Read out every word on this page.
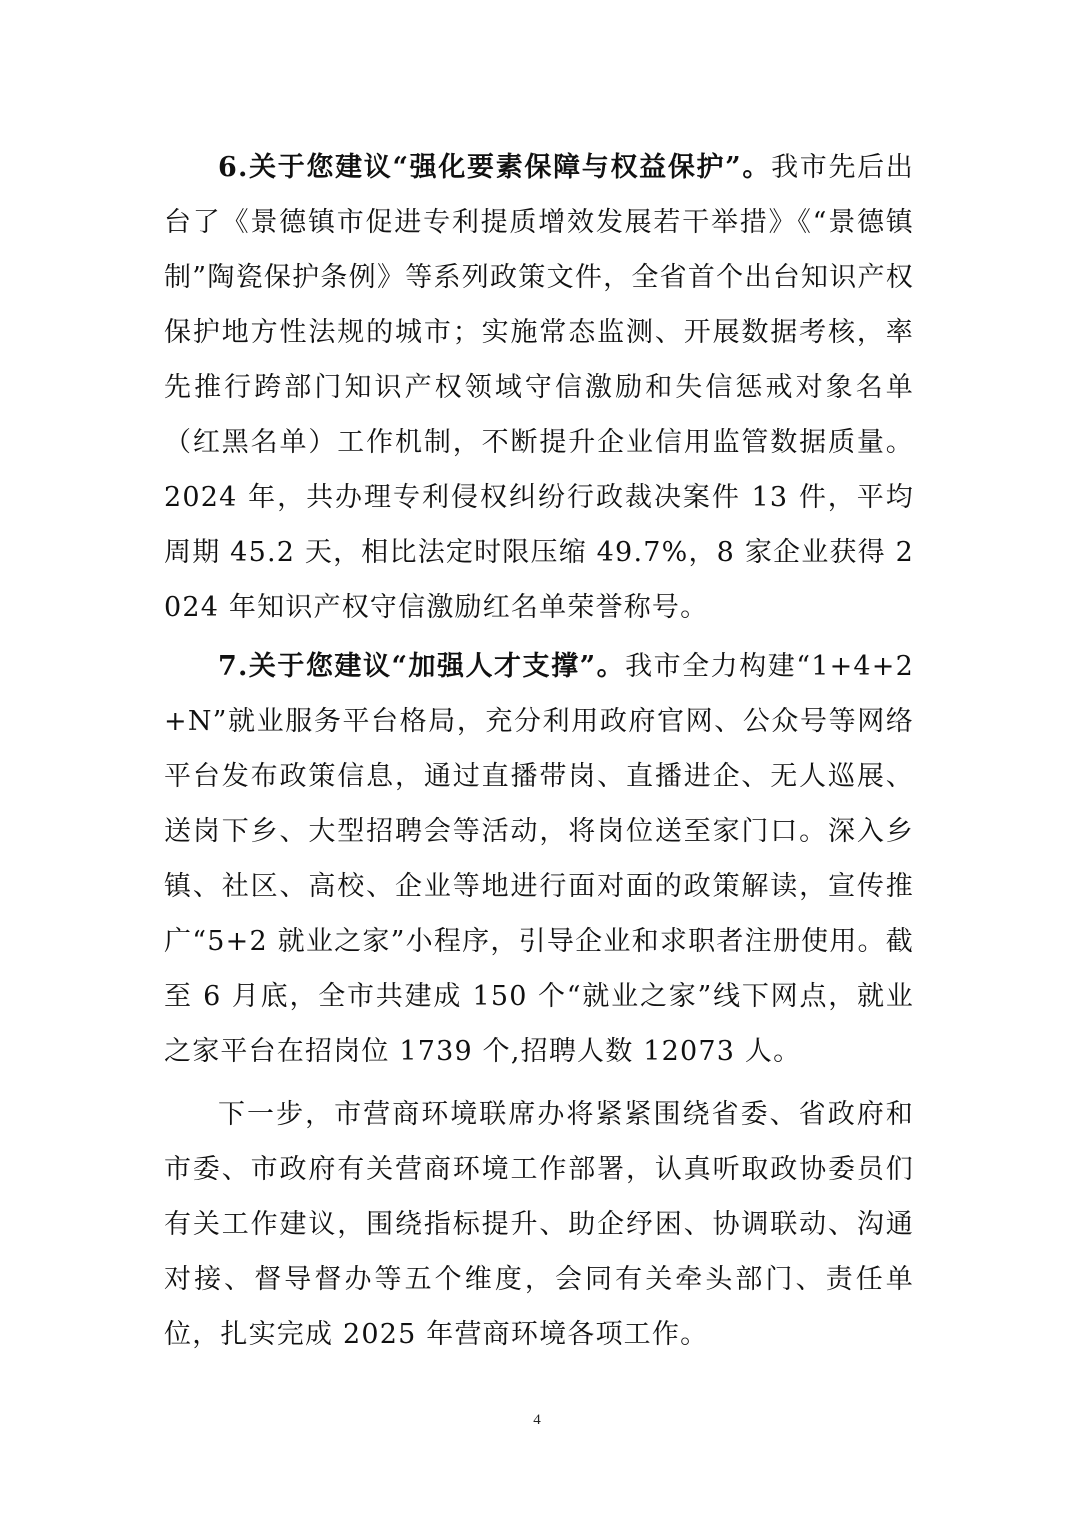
6.关于您建议“强化要素保障与权益保护”。我市先后出台了《景德镇市促进专利提质增效发展若干举措》《“景德镇制”陶瓷保护条例》等系列政策文件，全省首个出台知识产权保护地方性法规的城市；实施常态监测、开展数据考核，率先推行跨部门知识产权领域守信激励和失信惩戒对象名单（红黑名单）工作机制，不断提升企业信用监管数据质量。2024 年，共办理专利侵权纠纷行政裁决案件 13 件，平均周期 45.2 天，相比法定时限压缩 49.7%，8 家企业获得 2024 年知识产权守信激励红名单荣誉称号。

7.关于您建议“加强人才支撑”。我市全力构建“1+4+2+N”就业服务平台格局，充分利用政府官网、公众号等网络平台发布政策信息，通过直播带岗、直播进企、无人巡展、送岗下乡、大型招聘会等活动，将岗位送至家门口。深入乡镇、社区、高校、企业等地进行面对面的政策解读，宣传推广“5+2 就业之家”小程序，引导企业和求职者注册使用。截至 6 月底，全市共建成 150 个“就业之家”线下网点，就业之家平台在招岗位 1739 个,招聘人数 12073 人。

下一步，市营商环境联席办将紧紧围绕省委、省政府和市委、市政府有关营商环境工作部署，认真听取政协委员们有关工作建议，围绕指标提升、助企纾困、协调联动、沟通对接、督导督办等五个维度，会同有关牵头部门、责任单位，扎实完成 2025 年营商环境各项工作。

4
